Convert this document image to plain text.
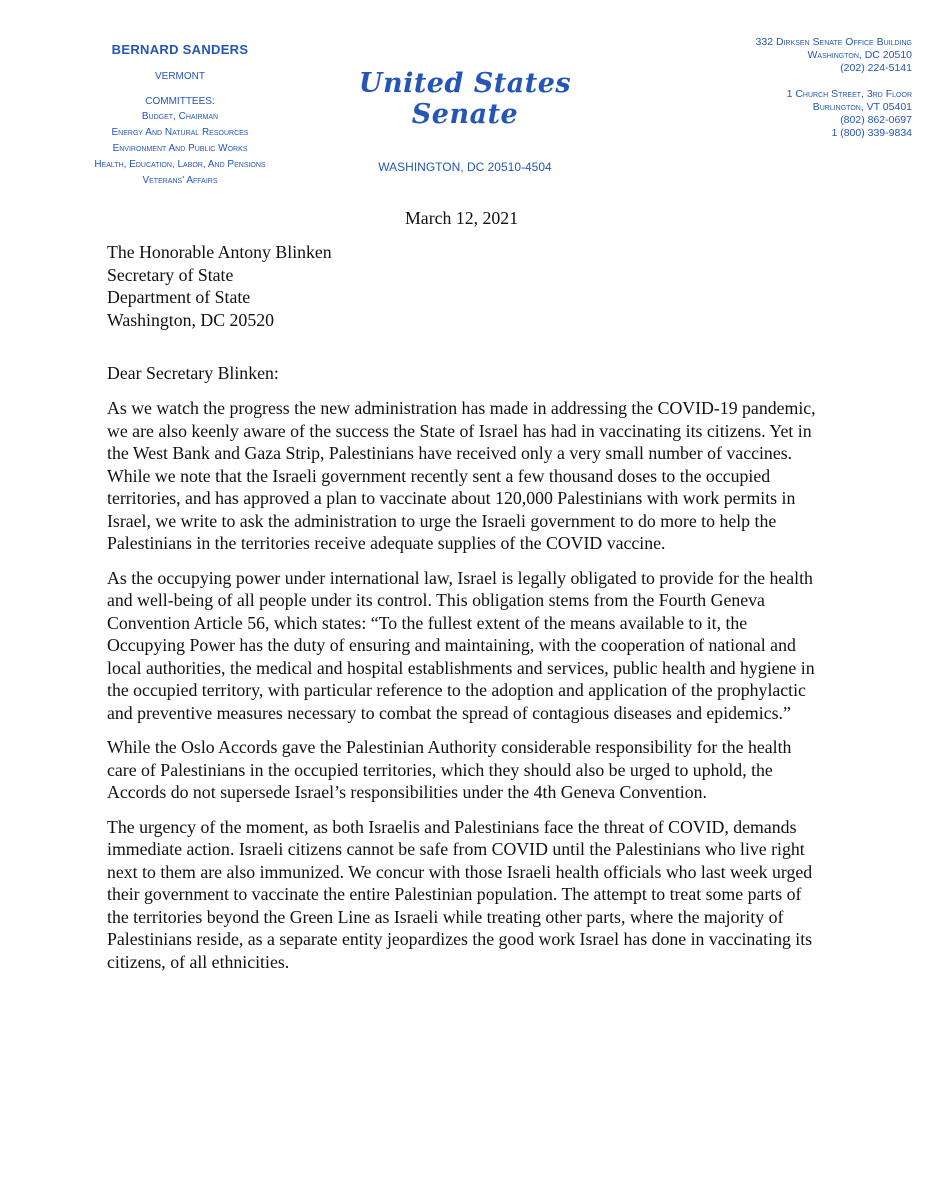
BERNARD SANDERS
VERMONT
COMMITTEES:
Budget, Chairman
Energy And Natural Resources
Environment And Public Works
Health, Education, Labor, And Pensions
Veterans' Affairs
United States Senate
WASHINGTON, DC 20510-4504
332 Dirksen Senate Office Building
Washington, DC 20510
(202) 224-5141
1 Church Street, 3rd Floor
Burlington, VT 05401
(802) 862-0697
1 (800) 339-9834
March 12, 2021
The Honorable Antony Blinken
Secretary of State
Department of State
Washington, DC 20520
Dear Secretary Blinken:

As we watch the progress the new administration has made in addressing the COVID-19 pandemic, we are also keenly aware of the success the State of Israel has had in vaccinating its citizens. Yet in the West Bank and Gaza Strip, Palestinians have received only a very small number of vaccines. While we note that the Israeli government recently sent a few thousand doses to the occupied territories, and has approved a plan to vaccinate about 120,000 Palestinians with work permits in Israel, we write to ask the administration to urge the Israeli government to do more to help the Palestinians in the territories receive adequate supplies of the COVID vaccine.

As the occupying power under international law, Israel is legally obligated to provide for the health and well-being of all people under its control. This obligation stems from the Fourth Geneva Convention Article 56, which states: “To the fullest extent of the means available to it, the Occupying Power has the duty of ensuring and maintaining, with the cooperation of national and local authorities, the medical and hospital establishments and services, public health and hygiene in the occupied territory, with particular reference to the adoption and application of the prophylactic and preventive measures necessary to combat the spread of contagious diseases and epidemics.”

While the Oslo Accords gave the Palestinian Authority considerable responsibility for the health care of Palestinians in the occupied territories, which they should also be urged to uphold, the Accords do not supersede Israel’s responsibilities under the 4th Geneva Convention.

The urgency of the moment, as both Israelis and Palestinians face the threat of COVID, demands immediate action. Israeli citizens cannot be safe from COVID until the Palestinians who live right next to them are also immunized. We concur with those Israeli health officials who last week urged their government to vaccinate the entire Palestinian population. The attempt to treat some parts of the territories beyond the Green Line as Israeli while treating other parts, where the majority of Palestinians reside, as a separate entity jeopardizes the good work Israel has done in vaccinating its citizens, of all ethnicities.
